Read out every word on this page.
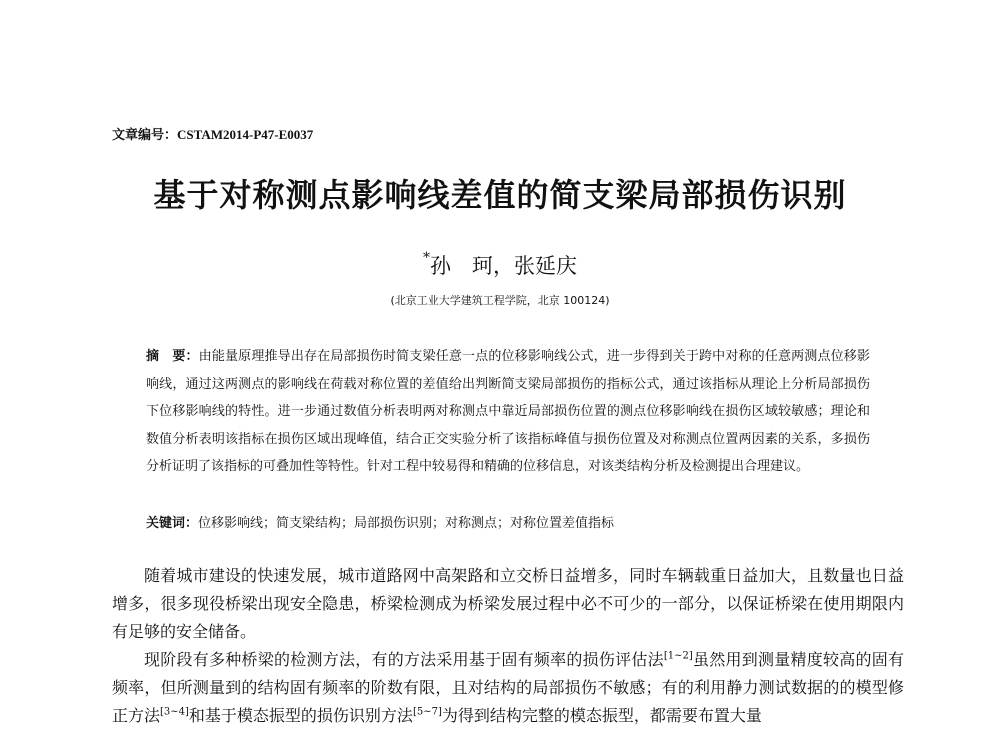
文章编号：CSTAM2014-P47-E0037
基于对称测点影响线差值的简支梁局部损伤识别
*孙　珂，张延庆
(北京工业大学建筑工程学院，北京 100124)
摘　要：由能量原理推导出存在局部损伤时简支梁任意一点的位移影响线公式，进一步得到关于跨中对称的任意两测点位移影响线，通过这两测点的影响线在荷载对称位置的差值给出判断简支梁局部损伤的指标公式，通过该指标从理论上分析局部损伤下位移影响线的特性。进一步通过数值分析表明两对称测点中靠近局部损伤位置的测点位移影响线在损伤区域较敏感；理论和数值分析表明该指标在损伤区域出现峰值，结合正交实验分析了该指标峰值与损伤位置及对称测点位置两因素的关系，多损伤分析证明了该指标的可叠加性等特性。针对工程中较易得和精确的位移信息，对该类结构分析及检测提出合理建议。
关键词：位移影响线；简支梁结构；局部损伤识别；对称测点；对称位置差值指标

随着城市建设的快速发展，城市道路网中高架路和立交桥日益增多，同时车辆载重日益加大，且数量也日益增多，很多现役桥梁出现安全隐患，桥梁检测成为桥梁发展过程中必不可少的一部分，以保证桥梁在使用期限内有足够的安全储备。

现阶段有多种桥梁的检测方法，有的方法采用基于固有频率的损伤评估法[1~2]虽然用到测量精度较高的固有频率，但所测量到的结构固有频率的阶数有限，且对结构的局部损伤不敏感；有的利用静力测试数据的的模型修正方法[3~4]和基于模态振型的损伤识别方法[5~7]为得到结构完整的模态振型，都需要布置大量
